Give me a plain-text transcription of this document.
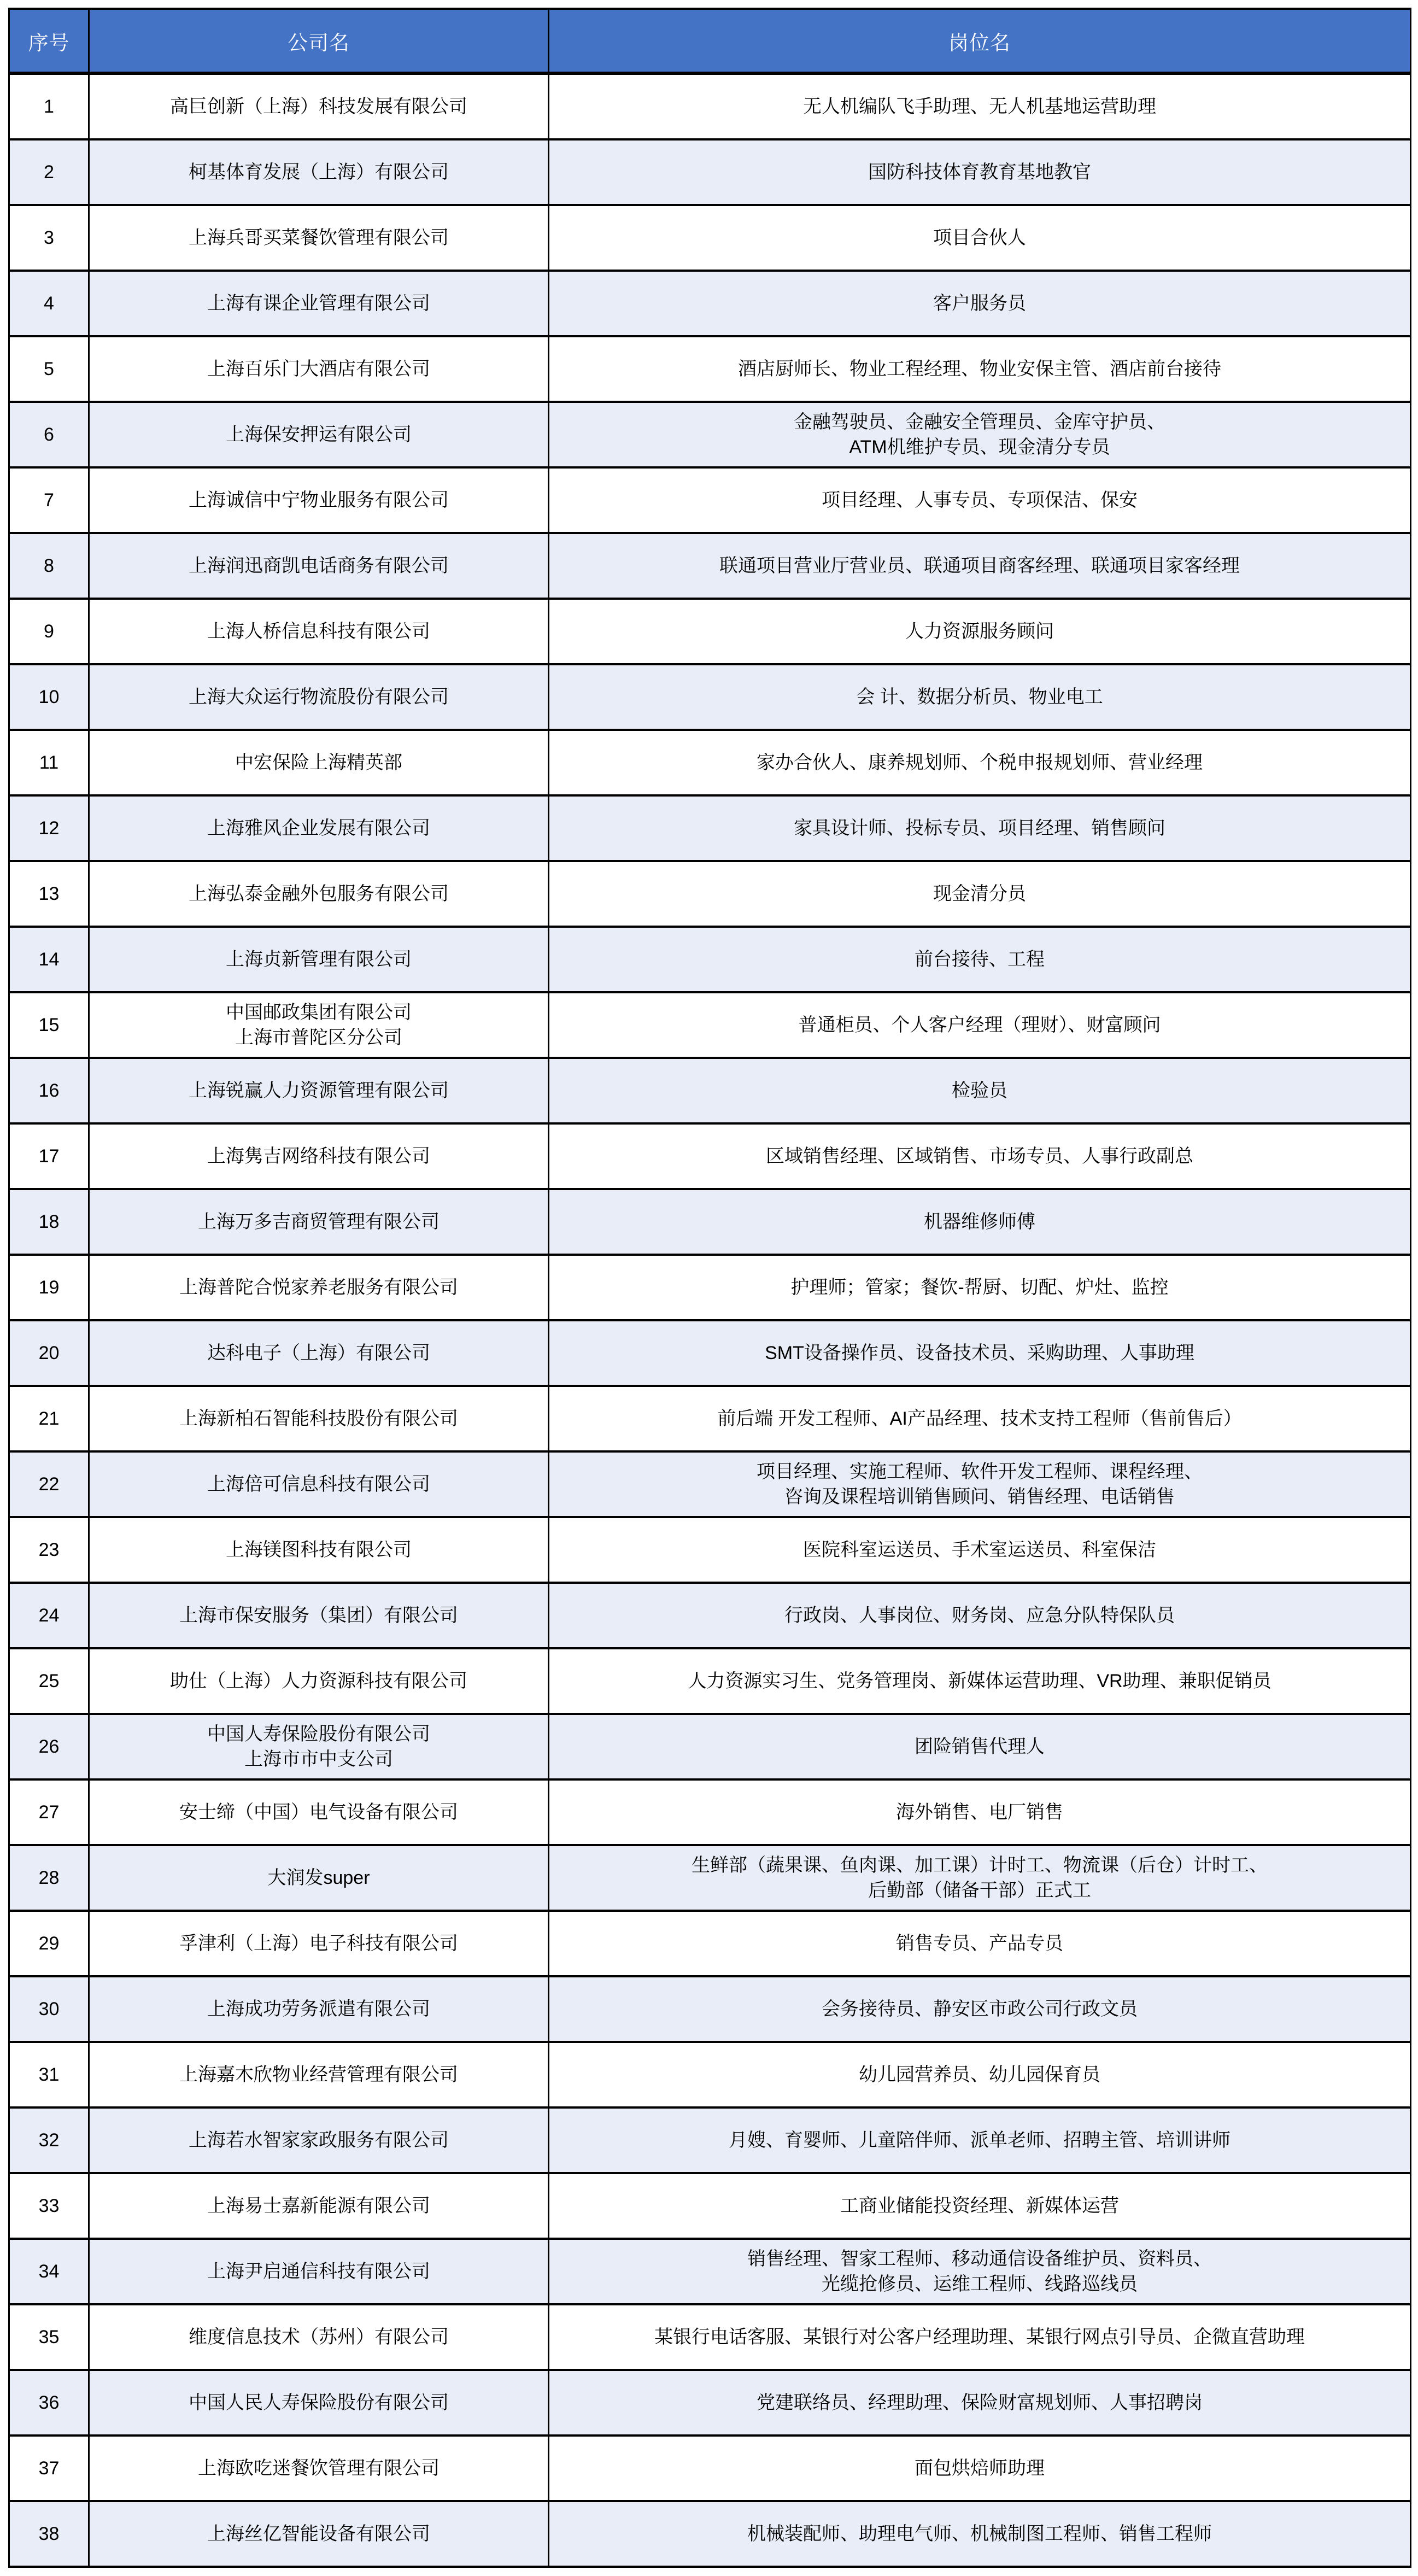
序号	公司名	岗位名
1	高巨创新（上海）科技发展有限公司	无人机编队飞手助理、无人机基地运营助理

2	柯基体育发展（上海）有限公司	国防科技体育教育基地教官

3	上海兵哥买菜餐饮管理有限公司	项目合伙人

4	上海有课企业管理有限公司	客户服务员

5	上海百乐门大酒店有限公司	酒店厨师长、物业工程经理、物业安保主管、酒店前台接待

6	上海保安押运有限公司	金融驾驶员、金融安全管理员、金库守护员、
ATM机维护专员、现金清分专员

7	上海诚信中宁物业服务有限公司	项目经理、人事专员、专项保洁、保安

8	上海润迅商凯电话商务有限公司	联通项目营业厅营业员、联通项目商客经理、联通项目家客经理

9	上海人桥信息科技有限公司	人力资源服务顾问

10	上海大众运行物流股份有限公司	会 计、数据分析员、物业电工

11	中宏保险上海精英部	家办合伙人、康养规划师、个税申报规划师、营业经理

12	上海雅风企业发展有限公司	家具设计师、投标专员、项目经理、销售顾问

13	上海弘泰金融外包服务有限公司	现金清分员

14	上海贞新管理有限公司	前台接待、工程

15	中国邮政集团有限公司
上海市普陀区分公司	普通柜员、个人客户经理（理财）、财富顾问

16	上海锐赢人力资源管理有限公司	检验员

17	上海隽吉网络科技有限公司	区域销售经理、区域销售、市场专员、人事行政副总

18	上海万多吉商贸管理有限公司	机器维修师傅

19	上海普陀合悦家养老服务有限公司	护理师；管家；餐饮-帮厨、切配、炉灶、监控

20	达科电子（上海）有限公司	SMT设备操作员、设备技术员、采购助理、人事助理

21	上海新柏石智能科技股份有限公司	前后端 开发工程师、AI产品经理、技术支持工程师（售前售后）

22	上海倍可信息科技有限公司	项目经理、实施工程师、软件开发工程师、课程经理、
咨询及课程培训销售顾问、销售经理、电话销售

23	上海镁图科技有限公司	医院科室运送员、手术室运送员、科室保洁

24	上海市保安服务（集团）有限公司	行政岗、人事岗位、财务岗、应急分队特保队员

25	助仕（上海）人力资源科技有限公司	人力资源实习生、党务管理岗、新媒体运营助理、VR助理、兼职促销员

26	中国人寿保险股份有限公司
上海市市中支公司	团险销售代理人

27	安士缔（中国）电气设备有限公司	海外销售、电厂销售

28	大润发super	生鲜部（蔬果课、鱼肉课、加工课）计时工、物流课（后仓）计时工、
后勤部（储备干部）正式工

29	孚津利（上海）电子科技有限公司	销售专员、产品专员

30	上海成功劳务派遣有限公司	会务接待员、静安区市政公司行政文员

31	上海嘉木欣物业经营管理有限公司	幼儿园营养员、幼儿园保育员

32	上海若水智家家政服务有限公司	月嫂、育婴师、儿童陪伴师、派单老师、招聘主管、培训讲师

33	上海易士嘉新能源有限公司	工商业储能投资经理、新媒体运营

34	上海尹启通信科技有限公司	销售经理、智家工程师、移动通信设备维护员、资料员、
光缆抢修员、运维工程师、线路巡线员

35	维度信息技术（苏州）有限公司	某银行电话客服、某银行对公客户经理助理、某银行网点引导员、企微直营助理

36	中国人民人寿保险股份有限公司	党建联络员、经理助理、保险财富规划师、人事招聘岗

37	上海欧吃迷餐饮管理有限公司	面包烘焙师助理

38	上海丝亿智能设备有限公司	机械装配师、助理电气师、机械制图工程师、销售工程师
